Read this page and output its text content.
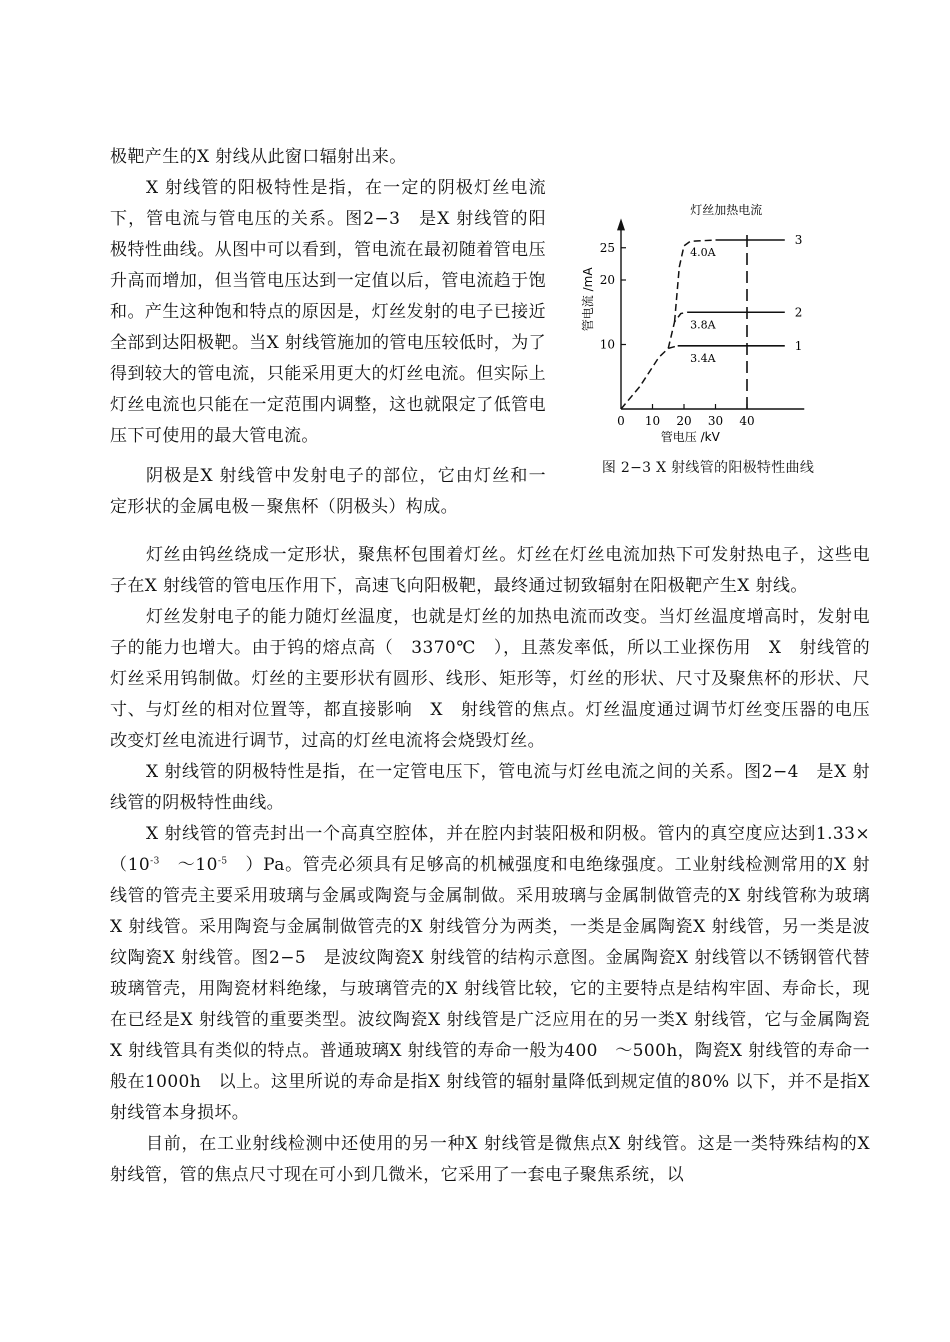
极靶产生的X 射线从此窗口辐射出来。

X 射线管的阳极特性是指，在一定的阴极灯丝电流下，管电流与管电压的关系。图2−3　是X 射线管的阳极特性曲线。从图中可以看到，管电流在最初随着管电压升高而增加，但当管电压达到一定值以后，管电流趋于饱和。产生这种饱和特点的原因是，灯丝发射的电子已接近全部到达阳极靶。当X 射线管施加的管电压较低时，为了得到较大的管电流，只能采用更大的灯丝电流。但实际上灯丝电流也只能在一定范围内调整，这也就限定了低管电压下可使用的最大管电流。

阴极是X 射线管中发射电子的部位，它由灯丝和一定形状的金属电极－聚焦杯（阴极头）构成。

灯丝由钨丝绕成一定形状，聚焦杯包围着灯丝。灯丝在灯丝电流加热下可发射热电子，这些电子在X 射线管的管电压作用下，高速飞向阳极靶，最终通过韧致辐射在阳极靶产生X 射线。
灯丝发射电子的能力随灯丝温度，也就是灯丝的加热电流而改变。当灯丝温度增高时，发射电子的能力也增大。由于钨的熔点高（　3370℃　），且蒸发率低，所以工业探伤用　X　射线管的灯丝采用钨制做。灯丝的主要形状有圆形、线形、矩形等，灯丝的形状、尺寸及聚焦杯的形状、尺寸、与灯丝的相对位置等，都直接影响　X　射线管的焦点。灯丝温度通过调节灯丝变压器的电压改变灯丝电流进行调节，过高的灯丝电流将会烧毁灯丝。
X 射线管的阴极特性是指，在一定管电压下，管电流与灯丝电流之间的关系。图2−4　是X 射线管的阴极特性曲线。
X 射线管的管壳封出一个高真空腔体，并在腔内封装阳极和阴极。管内的真空度应达到1.33×　（$10^{-3}$　$\sim 10^{-5}$　）Pa。管壳必须具有足够高的机械强度和电绝缘强度。工业射线检测常用的X 射线管的管壳主要采用玻璃与金属或陶瓷与金属制做。采用玻璃与金属制做管壳的X 射线管称为玻璃X 射线管。采用陶瓷与金属制做管壳的X 射线管分为两类，一类是金属陶瓷X 射线管，另一类是波纹陶瓷X 射线管。图2−5　是波纹陶瓷X 射线管的结构示意图。金属陶瓷X 射线管以不锈钢管代替玻璃管壳，用陶瓷材料绝缘，与玻璃管壳的X 射线管比较，它的主要特点是结构牢固、寿命长，现在已经是X 射线管的重要类型。波纹陶瓷X 射线管是广泛应用在的另一类X 射线管，它与金属陶瓷X 射线管具有类似的特点。普通玻璃X 射线管的寿命一般为400　～500h，陶瓷X 射线管的寿命一般在1000h　以上。这里所说的寿命是指X 射线管的辐射量降低到规定值的80% 以下，并不是指X 射线管本身损坏。
目前，在工业射线检测中还使用的另一种X 射线管是微焦点X 射线管。这是一类特殊结构的X 射线管，管的焦点尺寸现在可小到几微米，它采用了一套电子聚焦系统，以
0 10 20 30 40
10
20
25
3.4A
1
3.8A
2
4.0A
3
灯丝加热电流
管电压 /kV
管电流 /mA
图 2−3 X 射线管的阳极特性曲线
